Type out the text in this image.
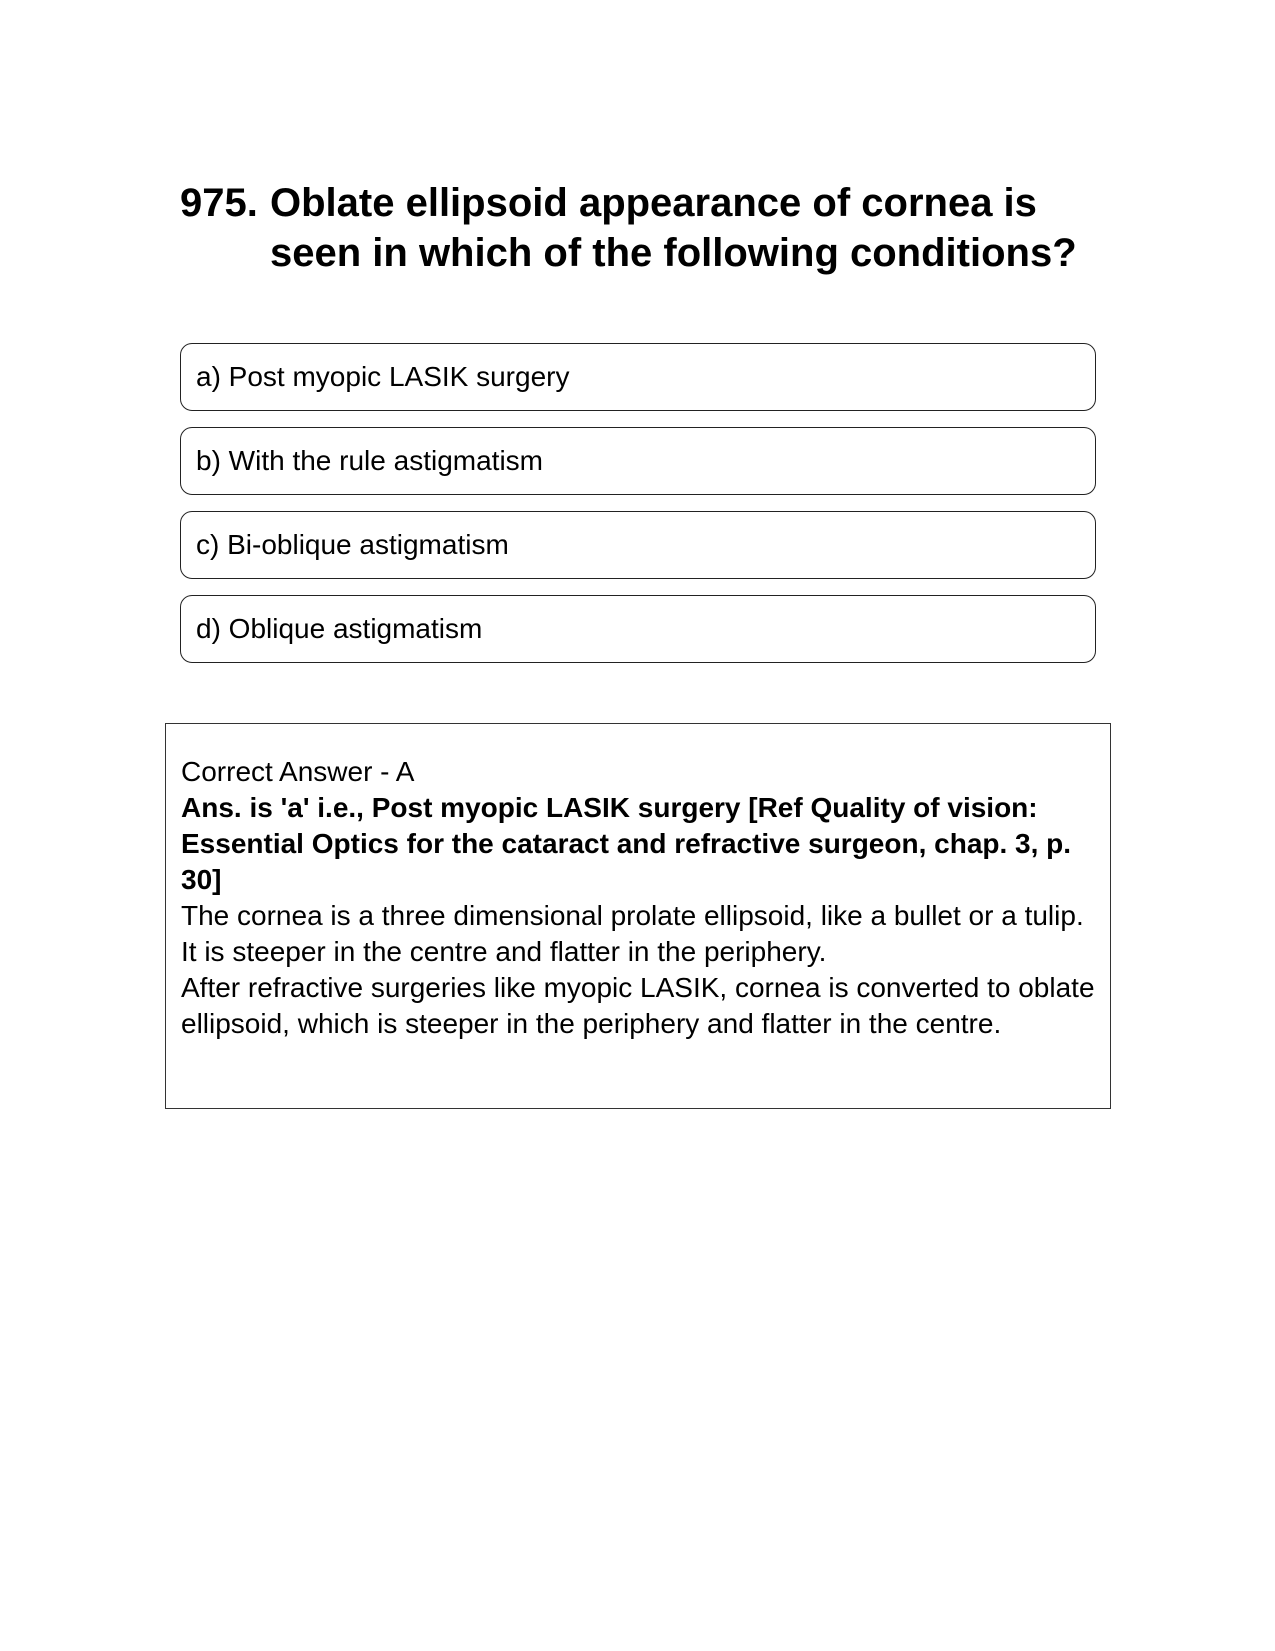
975. Oblate ellipsoid appearance of cornea is seen in which of the following conditions?
a) Post myopic LASIK surgery
b) With the rule astigmatism
c) Bi-oblique astigmatism
d) Oblique astigmatism

Correct Answer - A

Ans. is 'a' i.e., Post myopic LASIK surgery [Ref Quality of vision: Essential Optics for the cataract and refractive surgeon, chap. 3, p. 30]

The cornea is a three dimensional prolate ellipsoid, like a bullet or a tulip. It is steeper in the centre and flatter in the periphery.

After refractive surgeries like myopic LASIK, cornea is converted to oblate ellipsoid, which is steeper in the periphery and flatter in the centre.
